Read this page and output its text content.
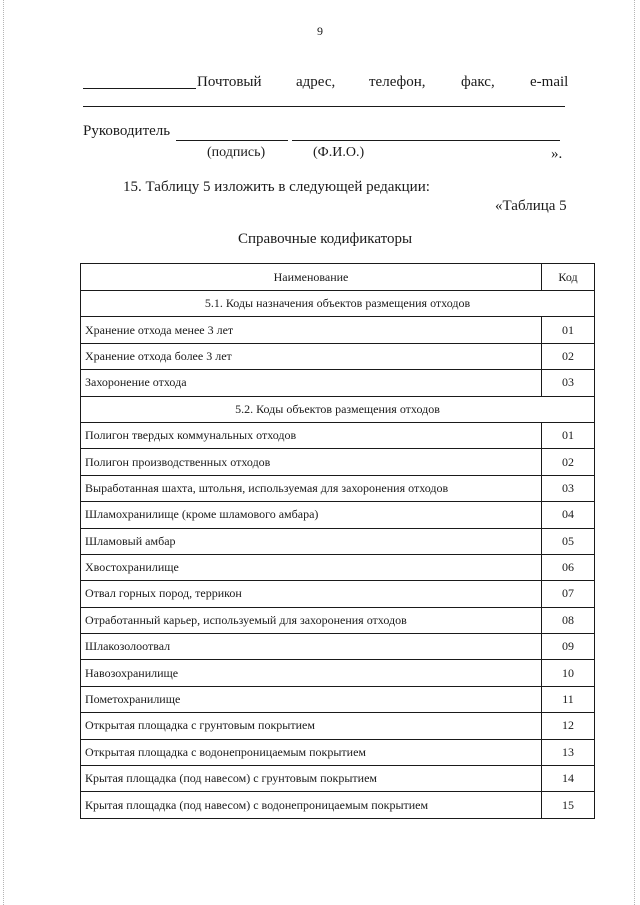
9
Почтовый адрес, телефон, факс, e-mail
Руководитель
(подпись)	(Ф.И.О.)	».
15. Таблицу 5 изложить в следующей редакции:
«Таблица 5
Справочные кодификаторы
Наименование	Код
5.1. Коды назначения объектов размещения отходов	
Хранение отхода менее 3 лет	01
Хранение отхода более 3 лет	02
Захоронение отхода	03
5.2. Коды объектов размещения отходов	
Полигон твердых коммунальных отходов	01
Полигон производственных отходов	02
Выработанная шахта, штольня, используемая для захоронения отходов	03
Шламохранилище (кроме шламового амбара)	04
Шламовый амбар	05
Хвостохранилище	06
Отвал горных пород, террикон	07
Отработанный карьер, используемый для захоронения отходов	08
Шлакозолоотвал	09
Навозохранилище	10
Пометохранилище	11
Открытая площадка с грунтовым покрытием	12
Открытая площадка с водонепроницаемым покрытием	13
Крытая площадка (под навесом) с грунтовым покрытием	14
Крытая площадка (под навесом) с водонепроницаемым покрытием	15
